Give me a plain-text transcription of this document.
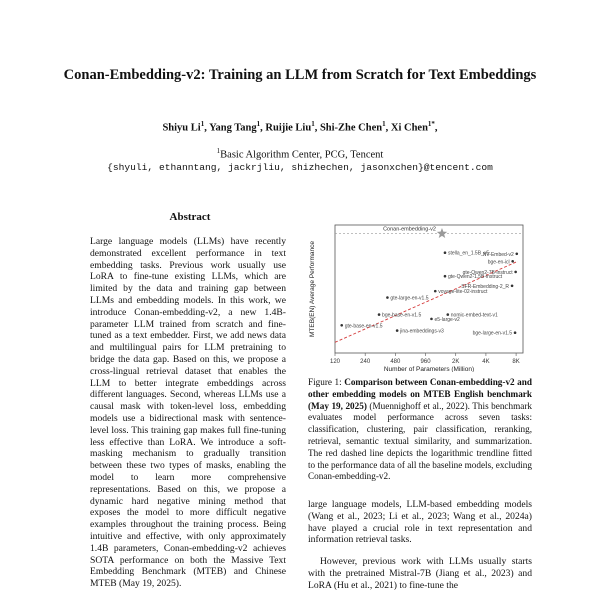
Conan-Embedding-v2: Training an LLM from Scratch for Text Embeddings
Shiyu Li$^1$, Yang Tang$^1$, Ruijie Liu$^1$, Shi-Zhe Chen$^1$, Xi Chen$^{1*}$,
$^1$Basic Algorithm Center, PCG, Tencent
{shyuli, ethanntang, jackrjliu, shizhechen, jasonxchen}@tencent.com
Abstract
Large language models (LLMs) have recently demonstrated excellent performance in text embedding tasks. Previous work usually use LoRA to fine-tune existing LLMs, which are limited by the data and training gap between LLMs and embedding models. In this work, we introduce Conan-embedding-v2, a new 1.4B-parameter LLM trained from scratch and fine-tuned as a text embedder. First, we add news data and multilingual pairs for LLM pretraining to bridge the data gap. Based on this, we propose a cross-lingual retrieval dataset that enables the LLM to better integrate embeddings across different languages. Second, whereas LLMs use a causal mask with token-level loss, embedding models use a bidirectional mask with sentence-level loss. This training gap makes full fine-tuning less effective than LoRA. We introduce a soft-masking mechanism to gradually transition between these two types of masks, enabling the model to learn more comprehensive representations. Based on this, we propose a dynamic hard negative mining method that exposes the model to more difficult negative examples throughout the training process. Being intuitive and effective, with only approximately 1.4B parameters, Conan-embedding-v2 achieves SOTA performance on both the Massive Text Embedding Benchmark (MTEB) and Chinese MTEB (May 19, 2025).
120	240	480	960	2K	4K	8K
Number of Parameters (Million)
MTEB(EN) Average Performance
Conan-embedding-v2
stella_en_1.5B_v5
gte-Qwen2-1.5B-instruct
NV-Embed-v2
bge-en-icl
gte-Qwen2-7B-instruct
voyage-lite-02-instruct
gte-large-en-v1.5
bge-base-en-v1.5
e5-large-v2
nomic-embed-text-v1
SFR-Embedding-2_R
gte-base-en-v1.5
jina-embeddings-v3	bge-large-en-v1.5
Figure 1: Comparison between Conan-embedding-v2 and other embedding models on MTEB English benchmark (May 19, 2025) (Muennighoff et al., 2022). This benchmark evaluates model performance across seven tasks: classification, clustering, pair classification, reranking, retrieval, semantic textual similarity, and summarization. The red dashed line depicts the logarithmic trendline fitted to the performance data of all the baseline models, excluding Conan-embedding-v2.
large language models, LLM-based embedding models (Wang et al., 2023; Li et al., 2023; Wang et al., 2024a) have played a crucial role in text representation and information retrieval tasks.
However, previous work with LLMs usually starts with the pretrained Mistral-7B (Jiang et al., 2023) and LoRA (Hu et al., 2021) to fine-tune the
